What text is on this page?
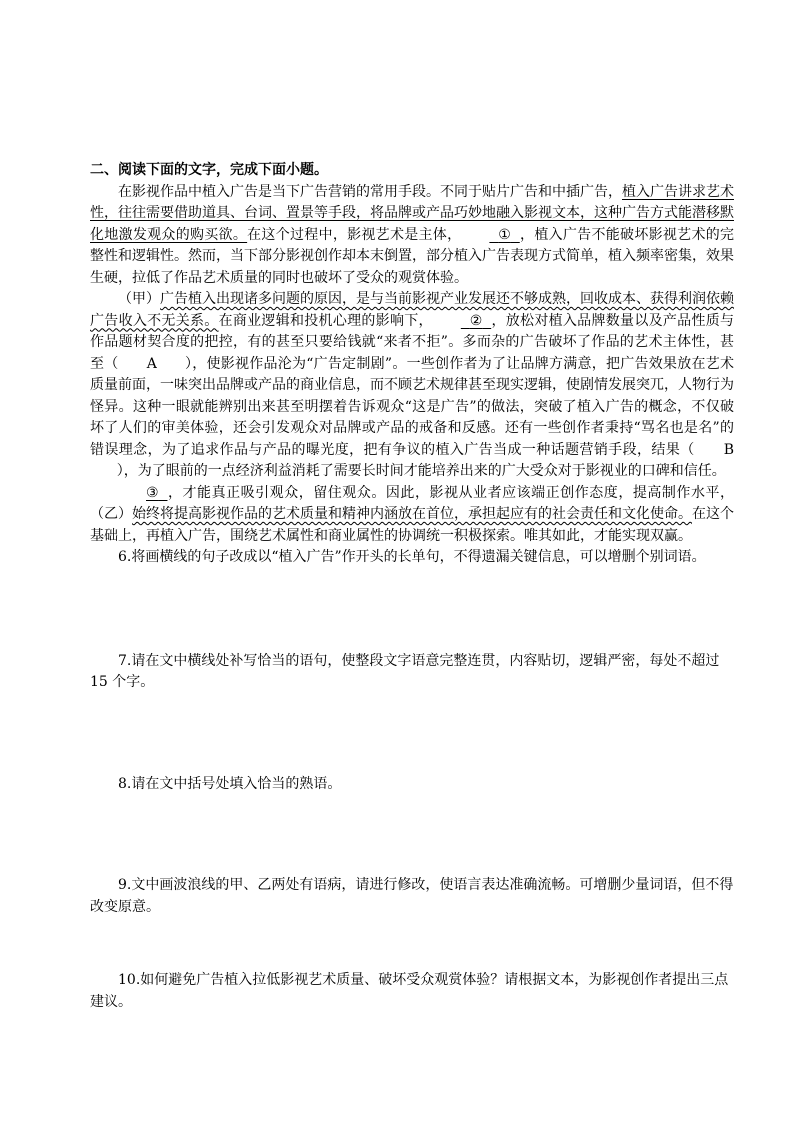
二、阅读下面的文字，完成下面小题。

在影视作品中植入广告是当下广告营销的常用手段。不同于贴片广告和中插广告，植入广告讲求艺术性，往往需要借助道具、台词、置景等手段，将品牌或产品巧妙地融入影视文本，这种广告方式能潜移默化地激发观众的购买欲。在这个过程中，影视艺术是主体，	① ，植入广告不能破坏影视艺术的完整性和逻辑性。然而，当下部分影视创作却本末倒置，部分植入广告表现方式简单，植入频率密集，效果生硬，拉低了作品艺术质量的同时也破坏了受众的观赏体验。

（甲）广告植入出现诸多问题的原因，是与当前影视产业发展还不够成熟，回收成本、获得利润依赖广告收入不无关系。在商业逻辑和投机心理的影响下，	② ，放松对植入品牌数量以及产品性质与作品题材契合度的把控，有的甚至只要给钱就“来者不拒”。多而杂的广告破坏了作品的艺术主体性，甚至（ A ），使影视作品沦为“广告定制剧”。一些创作者为了让品牌方满意，把广告效果放在艺术质量前面，一味突出品牌或产品的商业信息，而不顾艺术规律甚至现实逻辑，使剧情发展突兀，人物行为怪异。这种一眼就能辨别出来甚至明摆着告诉观众“这是广告”的做法，突破了植入广告的概念，不仅破坏了人们的审美体验，还会引发观众对品牌或产品的戒备和反感。还有一些创作者秉持“骂名也是名”的错误理念，为了追求作品与产品的曝光度，把有争议的植入广告当成一种话题营销手段，结果（ B      ），为了眼前的一点经济利益消耗了需要长时间才能培养出来的广大受众对于影视业的口碑和信任。

③ ，才能真正吸引观众，留住观众。因此，影视从业者应该端正创作态度，提高制作水平，（乙）始终将提高影视作品的艺术质量和精神内涵放在首位，承担起应有的社会责任和文化使命。在这个基础上，再植入广告，围绕艺术属性和商业属性的协调统一积极探索。唯其如此，才能实现双赢。

6.将画横线的句子改成以“植入广告”作开头的长单句，不得遗漏关键信息，可以增删个别词语。

7.请在文中横线处补写恰当的语句，使整段文字语意完整连贯，内容贴切，逻辑严密，每处不超过 15 个字。

8.请在文中括号处填入恰当的熟语。

9.文中画波浪线的甲、乙两处有语病，请进行修改，使语言表达准确流畅。可增删少量词语，但不得改变原意。

10.如何避免广告植入拉低影视艺术质量、破坏受众观赏体验？请根据文本，为影视创作者提出三点建议。
